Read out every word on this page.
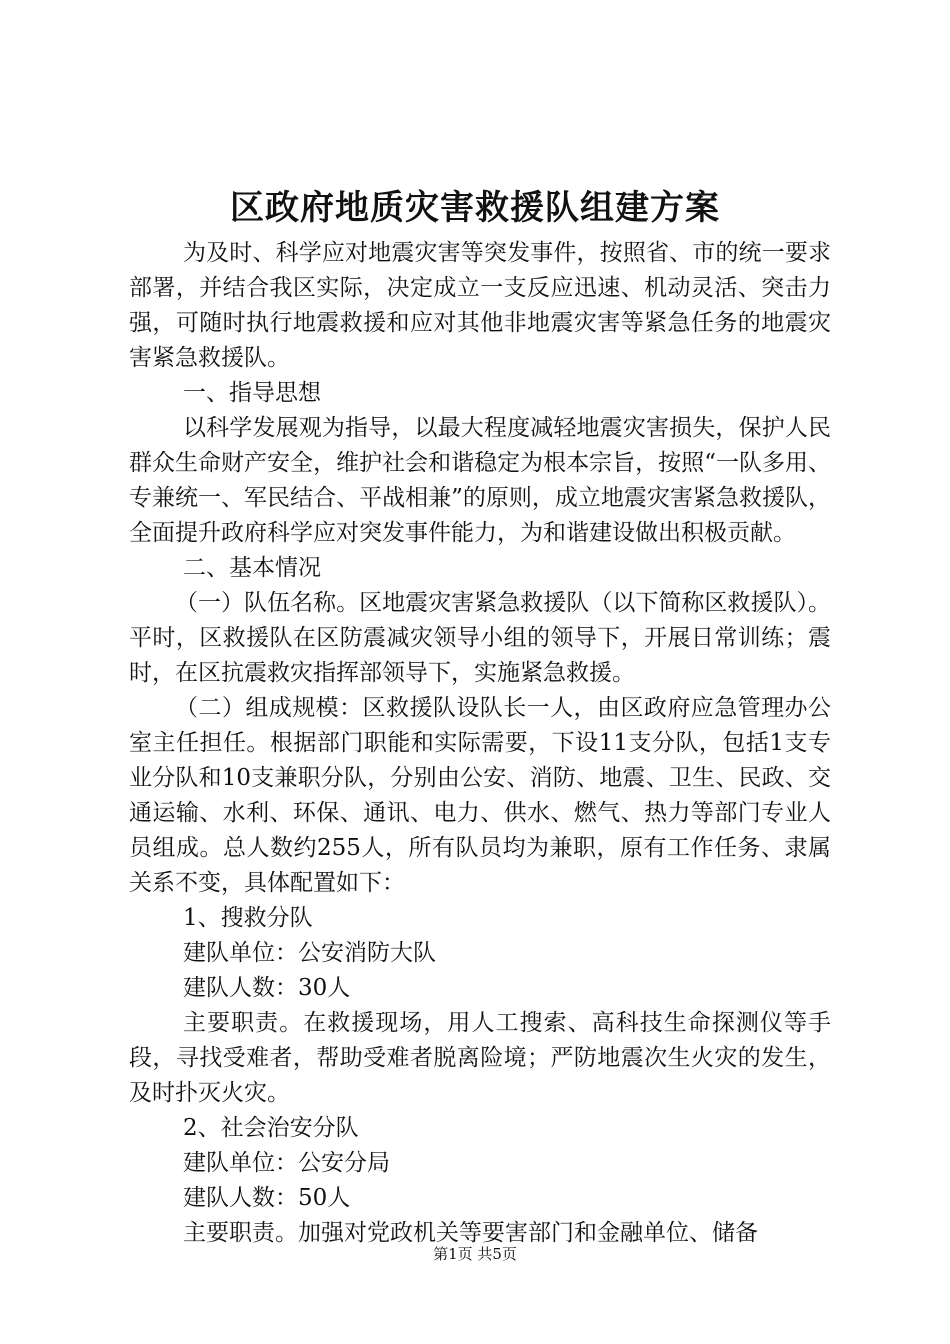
区政府地质灾害救援队组建方案

为及时、科学应对地震灾害等突发事件，按照省、市的统一要求部署，并结合我区实际，决定成立一支反应迅速、机动灵活、突击力强，可随时执行地震救援和应对其他非地震灾害等紧急任务的地震灾害紧急救援队。

一、指导思想

以科学发展观为指导，以最大程度减轻地震灾害损失，保护人民群众生命财产安全，维护社会和谐稳定为根本宗旨，按照“一队多用、专兼统一、军民结合、平战相兼”的原则，成立地震灾害紧急救援队，全面提升政府科学应对突发事件能力，为和谐建设做出积极贡献。

二、基本情况

（一）队伍名称。区地震灾害紧急救援队（以下简称区救援队）。平时，区救援队在区防震减灾领导小组的领导下，开展日常训练；震时，在区抗震救灾指挥部领导下，实施紧急救援。

（二）组成规模：区救援队设队长一人，由区政府应急管理办公室主任担任。根据部门职能和实际需要，下设11支分队，包括1支专业分队和10支兼职分队，分别由公安、消防、地震、卫生、民政、交通运输、水利、环保、通讯、电力、供水、燃气、热力等部门专业人员组成。总人数约255人，所有队员均为兼职，原有工作任务、隶属关系不变，具体配置如下：

1、搜救分队

建队单位：公安消防大队

建队人数：30人

主要职责。在救援现场，用人工搜索、高科技生命探测仪等手段，寻找受难者，帮助受难者脱离险境；严防地震次生火灾的发生，及时扑灭火灾。

2、社会治安分队

建队单位：公安分局

建队人数：50人

主要职责。加强对党政机关等要害部门和金融单位、储备

第1页 共5页
